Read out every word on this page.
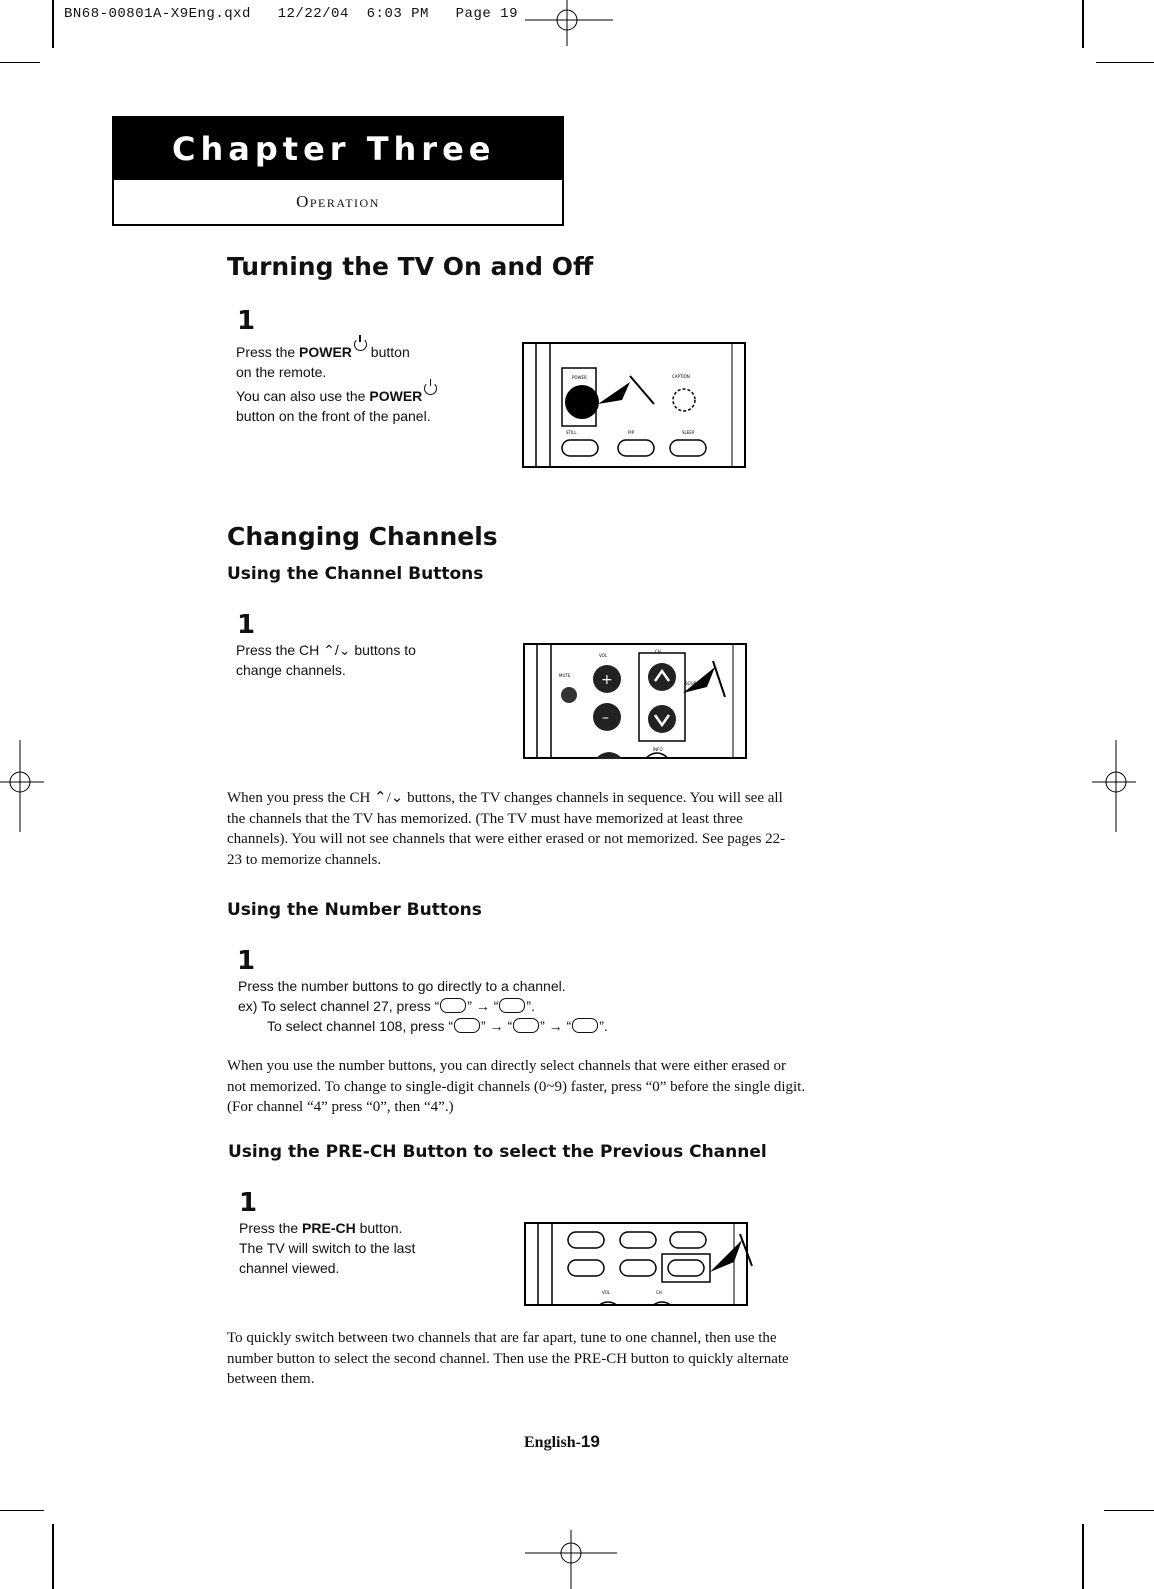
BN68-00801A-X9Eng.qxd   12/22/04  6:03 PM   Page 19
Chapter Three
Operation
Turning the TV On and Off
1
Press the POWER button
on the remote.
You can also use the POWER
button on the front of the panel.
POWER	CAPTION
STILL	PIP	SLEEP
Changing Channels
Using the Channel Buttons
1
Press the CH ⌃/⌄ buttons to
change channels.
VOL
CH
MUTE +
–
SOURCE
INFO
When you press the CH ⌃/⌄ buttons, the TV changes channels in sequence. You will see all the channels that the TV has memorized. (The TV must have memorized at least three channels). You will not see channels that were either erased or not memorized. See pages 22-23 to memorize channels.
Using the Number Buttons
1
Press the number buttons to go directly to a channel.
ex) To select channel 27, press “ ” → “ ”.
To select channel 108, press “ ” → “ ” → “ ”.
When you use the number buttons, you can directly select channels that were either erased or not memorized. To change to single-digit channels (0~9) faster, press “0” before the single digit. (For channel “4” press “0”, then “4”.)
Using the PRE-CH Button to select the Previous Channel
1
Press the PRE-CH button.
The TV will switch to the last
channel viewed.
VOL	CH
To quickly switch between two channels that are far apart, tune to one channel, then use the number button to select the second channel. Then use the PRE-CH button to quickly alternate between them.
English-19
